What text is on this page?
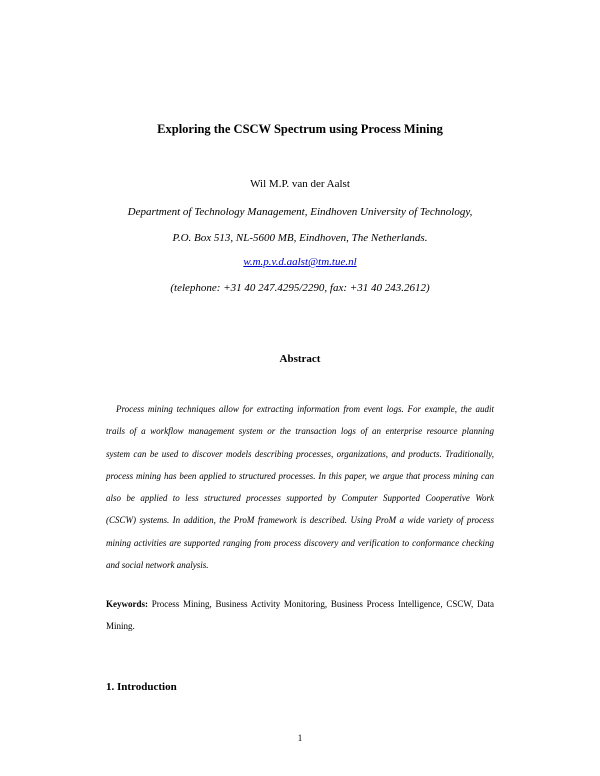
Exploring the CSCW Spectrum using Process Mining
Wil M.P. van der Aalst
Department of Technology Management, Eindhoven University of Technology,
P.O. Box 513, NL-5600 MB, Eindhoven, The Netherlands.
w.m.p.v.d.aalst@tm.tue.nl
(telephone: +31 40 247.4295/2290, fax: +31 40 243.2612)
Abstract
Process mining techniques allow for extracting information from event logs. For example, the audit
trails of a workflow management system or the transaction logs of an enterprise resource planning
system can be used to discover models describing processes, organizations, and products. Traditionally,
process mining has been applied to structured processes. In this paper, we argue that process mining can
also be applied to less structured processes supported by Computer Supported Cooperative Work
(CSCW) systems. In addition, the ProM framework is described. Using ProM a wide variety of process
mining activities are supported ranging from process discovery and verification to conformance checking
and social network analysis.
Keywords: Process Mining, Business Activity Monitoring, Business Process Intelligence, CSCW, Data
Mining.
1. Introduction
1
